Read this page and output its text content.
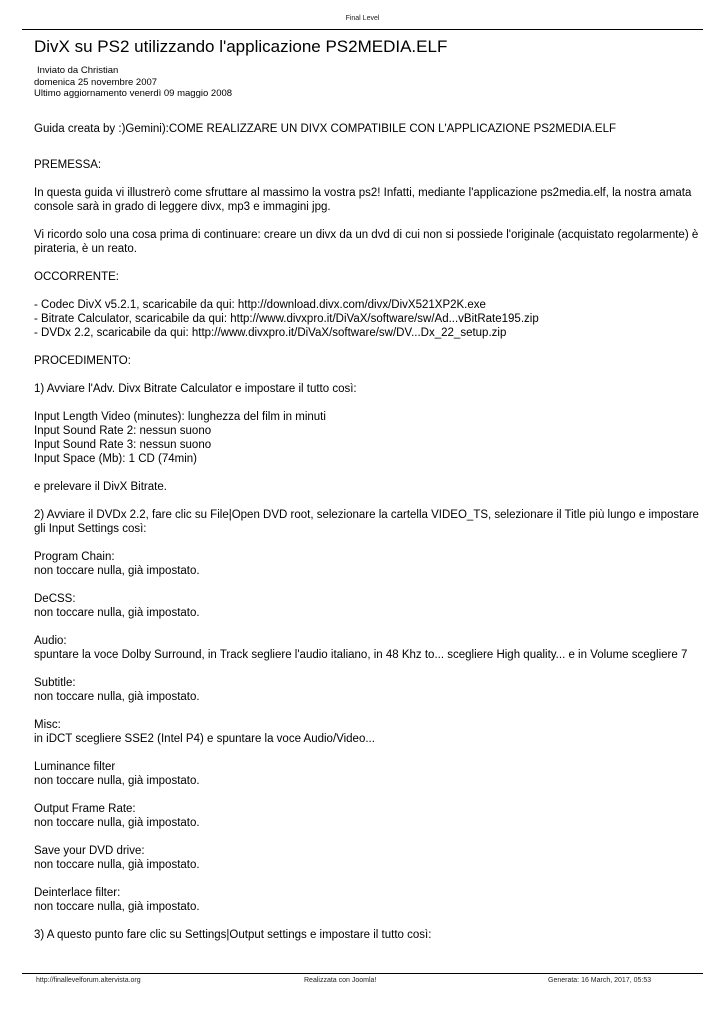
Final Level
DivX su PS2 utilizzando l'applicazione PS2MEDIA.ELF
Inviato da Christian
domenica 25 novembre 2007
Ultimo aggiornamento venerdì 09 maggio 2008

Guida creata by :)Gemini):COME REALIZZARE UN DIVX COMPATIBILE CON L'APPLICAZIONE PS2MEDIA.ELF

PREMESSA:

In questa guida vi illustrerò come sfruttare al massimo la vostra ps2! Infatti, mediante l'applicazione ps2media.elf, la nostra amata console sarà in grado di leggere divx, mp3 e immagini jpg.

Vi ricordo solo una cosa prima di continuare: creare un divx da un dvd di cui non si possiede l'originale (acquistato regolarmente) è pirateria, è un reato.

OCCORRENTE:

- Codec DivX v5.2.1, scaricabile da qui: http://download.divx.com/divx/DivX521XP2K.exe
- Bitrate Calculator, scaricabile da qui: http://www.divxpro.it/DiVaX/software/sw/Ad...vBitRate195.zip
- DVDx 2.2, scaricabile da qui: http://www.divxpro.it/DiVaX/software/sw/DV...Dx_22_setup.zip

PROCEDIMENTO:

1) Avviare l'Adv. Divx Bitrate Calculator e impostare il tutto così:

Input Length Video (minutes): lunghezza del film in minuti
Input Sound Rate 2: nessun suono
Input Sound Rate 3: nessun suono
Input Space (Mb): 1 CD (74min)

e prelevare il DivX Bitrate.

2) Avviare il DVDx 2.2, fare clic su File|Open DVD root, selezionare la cartella VIDEO_TS, selezionare il Title più lungo e impostare gli Input Settings così:

Program Chain:
non toccare nulla, già impostato.

DeCSS:
non toccare nulla, già impostato.

Audio:
spuntare la voce Dolby Surround, in Track segliere l'audio italiano, in 48 Khz to... scegliere High quality... e in Volume scegliere 7

Subtitle:
non toccare nulla, già impostato.

Misc:
in iDCT scegliere SSE2 (Intel P4) e spuntare la voce Audio/Video...

Luminance filter
non toccare nulla, già impostato.

Output Frame Rate:
non toccare nulla, già impostato.

Save your DVD drive:
non toccare nulla, già impostato.

Deinterlace filter:
non toccare nulla, già impostato.

3) A questo punto fare clic su Settings|Output settings e impostare il tutto così:

http://finallevelforum.altervista.org	Realizzata con Joomla!	Generata: 16 March, 2017, 05:53
